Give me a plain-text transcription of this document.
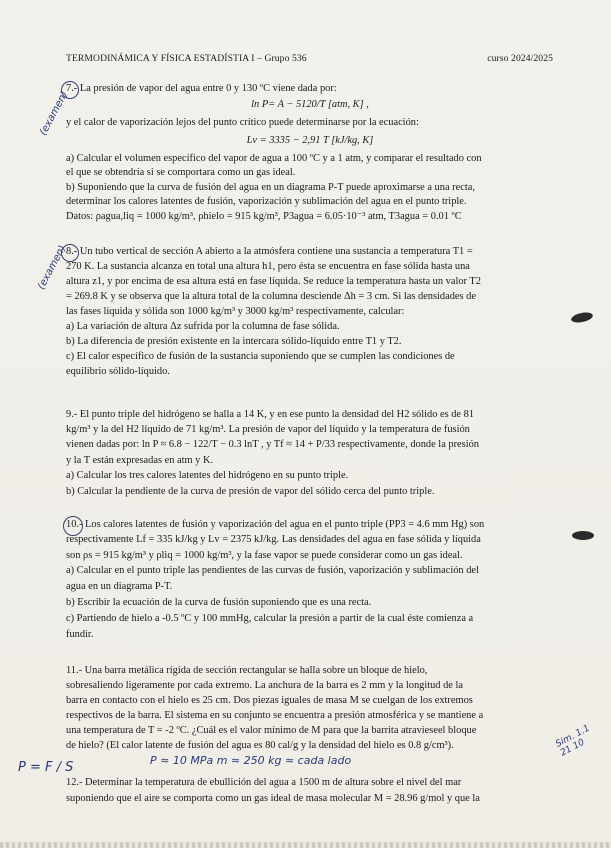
TERMODINÁMICA Y FÍSICA ESTADÍSTIA I – Grupo 536	curso 2024/2025
7.- La presión de vapor del agua entre 0 y 130 ºC viene dada por:
ln P= A − 5120/T [atm, K] ,
y el calor de vaporización lejos del punto crítico puede determinarse por la ecuación:
Lv = 3335 − 2,91 T [kJ/kg, K]
a) Calcular el volumen específico del vapor de agua a 100 ºC y a 1 atm, y comparar el resultado con
el que se obtendría si se comportara como un gas ideal.
b) Suponiendo que la curva de fusión del agua en un diagrama P-T puede aproximarse a una recta,
determinar los calores latentes de fusión, vaporización y sublimación del agua en el punto triple.
Datos: ρagua,liq = 1000 kg/m³, ρhielo = 915 kg/m³, P3agua = 6.05·10⁻³ atm, T3agua = 0.01 ºC
(examen)
8.- Un tubo vertical de sección A abierto a la atmósfera contiene una sustancia a temperatura T1 =
270 K. La sustancia alcanza en total una altura h1, pero ésta se encuentra en fase sólida hasta una
altura z1, y por encima de esa altura está en fase líquida. Se reduce la temperatura hasta un valor T2
= 269.8 K y se observa que la altura total de la columna desciende Δh = 3 cm. Si las densidades de
las fases líquida y sólida son 1000 kg/m³ y 3000 kg/m³ respectivamente, calcular:
a) La variación de altura Δz sufrida por la columna de fase sólida.
b) La diferencia de presión existente en la intercara sólido-líquido entre T1 y T2.
c) El calor específico de fusión de la sustancia suponiendo que se cumplen las condiciones de
equilibrio sólido-líquido.
(examen)
9.- El punto triple del hidrógeno se halla a 14 K, y en ese punto la densidad del H2 sólido es de 81
kg/m³ y la del H2 líquido de 71 kg/m³. La presión de vapor del líquido y la temperatura de fusión
vienen dadas por: ln P ≈ 6.8 − 122/T − 0.3 lnT , y Tf ≈ 14 + P/33 respectivamente, donde la presión
y la T están expresadas en atm y K.
a) Calcular los tres calores latentes del hidrógeno en su punto triple.
b) Calcular la pendiente de la curva de presión de vapor del sólido cerca del punto triple.
10.- Los calores latentes de fusión y vaporización del agua en el punto triple (PP3 = 4.6 mm Hg) son
respectivamente Lf = 335 kJ/kg y Lv = 2375 kJ/kg. Las densidades del agua en fase sólida y líquida
son ρs = 915 kg/m³ y ρliq = 1000 kg/m³, y la fase vapor se puede considerar como un gas ideal.
a) Calcular en el punto triple las pendientes de las curvas de fusión, vaporización y sublimación del
agua en un diagrama P-T.
b) Escribir la ecuación de la curva de fusión suponiendo que es una recta.
c) Partiendo de hielo a -0.5 ºC y 100 mmHg, calcular la presión a partir de la cual éste comienza a
fundir.
11.- Una barra metálica rígida de sección rectangular se halla sobre un bloque de hielo,
sobresaliendo ligeramente por cada extremo. La anchura de la barra es 2 mm y la longitud de la
barra en contacto con el hielo es 25 cm. Dos piezas iguales de masa M se cuelgan de los extremos
respectivos de la barra. El sistema en su conjunto se encuentra a presión atmosférica y se mantiene a
una temperatura de T = -2 ºC. ¿Cuál es el valor mínimo de M para que la barrita atravieseel bloque
de hielo? (El calor latente de fusión del agua es 80 cal/g y la densidad del hielo es 0.8 g/cm³).
P ≈ 10 MPa m ≈ 250 kg ≈ cada lado
P = F / S
Sim. 1.1 21 10
12.- Determinar la temperatura de ebullición del agua a 1500 m de altura sobre el nivel del mar
suponiendo que el aire se comporta como un gas ideal de masa molecular M = 28.96 g/mol y que la
